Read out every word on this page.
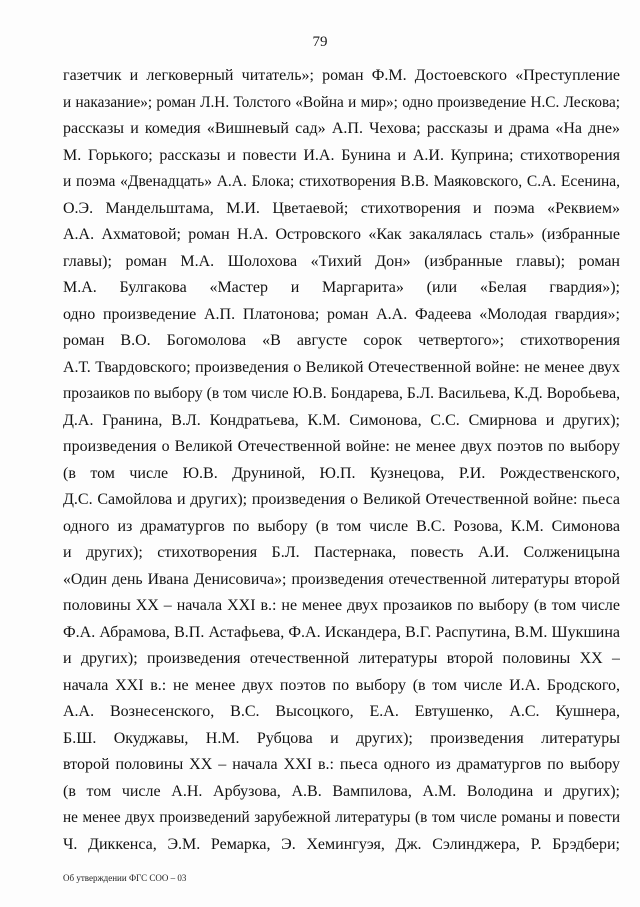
79
газетчик и легковерный читатель»; роман Ф.М. Достоевского «Преступление
и наказание»; роман Л.Н. Толстого «Война и мир»; одно произведение Н.С. Лескова;
рассказы и комедия «Вишневый сад» А.П. Чехова; рассказы и драма «На дне»
М. Горького; рассказы и повести И.А. Бунина и А.И. Куприна; стихотворения
и поэма «Двенадцать» А.А. Блока; стихотворения В.В. Маяковского, С.А. Есенина,
О.Э. Мандельштама, М.И. Цветаевой; стихотворения и поэма «Реквием»
А.А. Ахматовой; роман Н.А. Островского «Как закалялась сталь» (избранные
главы); роман М.А. Шолохова «Тихий Дон» (избранные главы); роман
М.А. Булгакова «Мастер и Маргарита» (или «Белая гвардия»);
одно произведение А.П. Платонова; роман А.А. Фадеева «Молодая гвардия»;
роман В.О. Богомолова «В августе сорок четвертого»; стихотворения
А.Т. Твардовского; произведения о Великой Отечественной войне: не менее двух
прозаиков по выбору (в том числе Ю.В. Бондарева, Б.Л. Васильева, К.Д. Воробьева,
Д.А. Гранина, В.Л. Кондратьева, К.М. Симонова, С.С. Смирнова и других);
произведения о Великой Отечественной войне: не менее двух поэтов по выбору
(в том числе Ю.В. Друниной, Ю.П. Кузнецова, Р.И. Рождественского,
Д.С. Самойлова и других); произведения о Великой Отечественной войне: пьеса
одного из драматургов по выбору (в том числе В.С. Розова, К.М. Симонова
и других); стихотворения Б.Л. Пастернака, повесть А.И. Солженицына
«Один день Ивана Денисовича»; произведения отечественной литературы второй
половины XX – начала XXI в.: не менее двух прозаиков по выбору (в том числе
Ф.А. Абрамова, В.П. Астафьева, Ф.А. Искандера, В.Г. Распутина, В.М. Шукшина
и других); произведения отечественной литературы второй половины XX –
начала XXI в.: не менее двух поэтов по выбору (в том числе И.А. Бродского,
А.А. Вознесенского, В.С. Высоцкого, Е.А. Евтушенко, А.С. Кушнера,
Б.Ш. Окуджавы, Н.М. Рубцова и других); произведения литературы
второй половины XX – начала XXI в.: пьеса одного из драматургов по выбору
(в том числе А.Н. Арбузова, А.В. Вампилова, А.М. Володина и других);
не менее двух произведений зарубежной литературы (в том числе романы и повести
Ч. Диккенса, Э.М. Ремарка, Э. Хемингуэя, Дж. Сэлинджера, Р. Брэдбери;
Об утверждении ФГС СОО – 03
